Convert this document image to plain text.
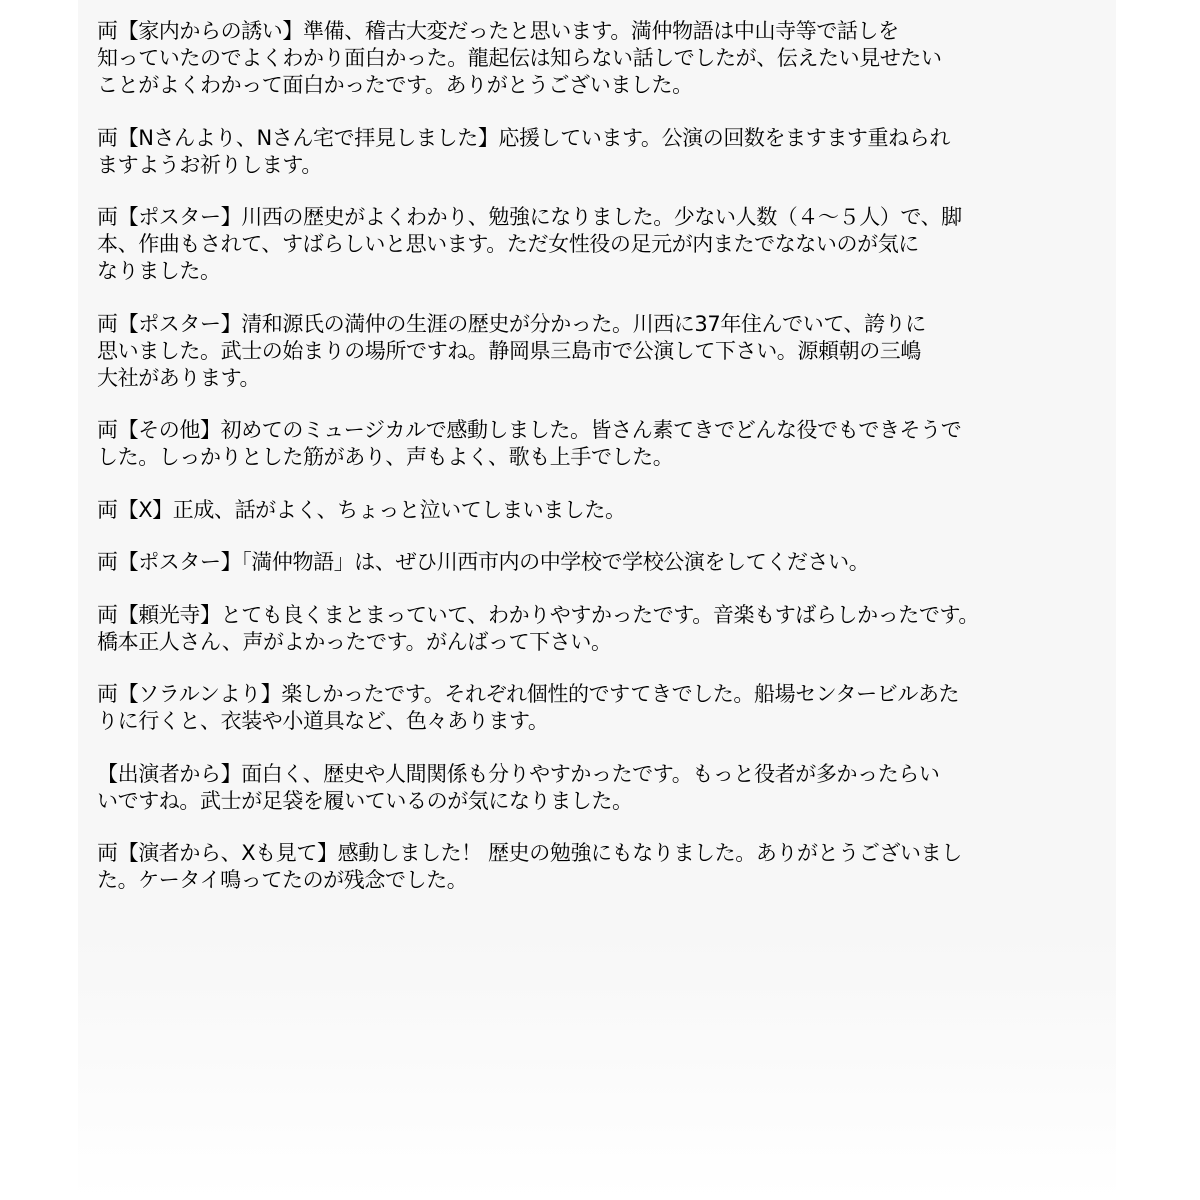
両【家内からの誘い】準備、稽古大変だったと思います。満仲物語は中山寺等で話しを
知っていたのでよくわかり面白かった。龍起伝は知らない話しでしたが、伝えたい見せたい
ことがよくわかって面白かったです。ありがとうございました。
両【Nさんより、Nさん宅で拝見しました】応援しています。公演の回数をますます重ねられ
ますようお祈りします。
両【ポスター】川西の歴史がよくわかり、勉強になりました。少ない人数（４〜５人）で、脚
本、作曲もされて、すばらしいと思います。ただ女性役の足元が内またでなないのが気に
なりました。
両【ポスター】清和源氏の満仲の生涯の歴史が分かった。川西に37年住んでいて、誇りに
思いました。武士の始まりの場所ですね。静岡県三島市で公演して下さい。源頼朝の三嶋
大社があります。
両【その他】初めてのミュージカルで感動しました。皆さん素てきでどんな役でもできそうで
した。しっかりとした筋があり、声もよく、歌も上手でした。
両【X】正成、話がよく、ちょっと泣いてしまいました。
両【ポスター】「満仲物語」は、ぜひ川西市内の中学校で学校公演をしてください。
両【頼光寺】とても良くまとまっていて、わかりやすかったです。音楽もすばらしかったです。
橋本正人さん、声がよかったです。がんばって下さい。
両【ソラルンより】楽しかったです。それぞれ個性的ですてきでした。船場センタービルあた
りに行くと、衣装や小道具など、色々あります。
【出演者から】面白く、歴史や人間関係も分りやすかったです。もっと役者が多かったらい
いですね。武士が足袋を履いているのが気になりました。
両【演者から、Xも見て】感動しました！ 歴史の勉強にもなりました。ありがとうございまし
た。ケータイ鳴ってたのが残念でした。
